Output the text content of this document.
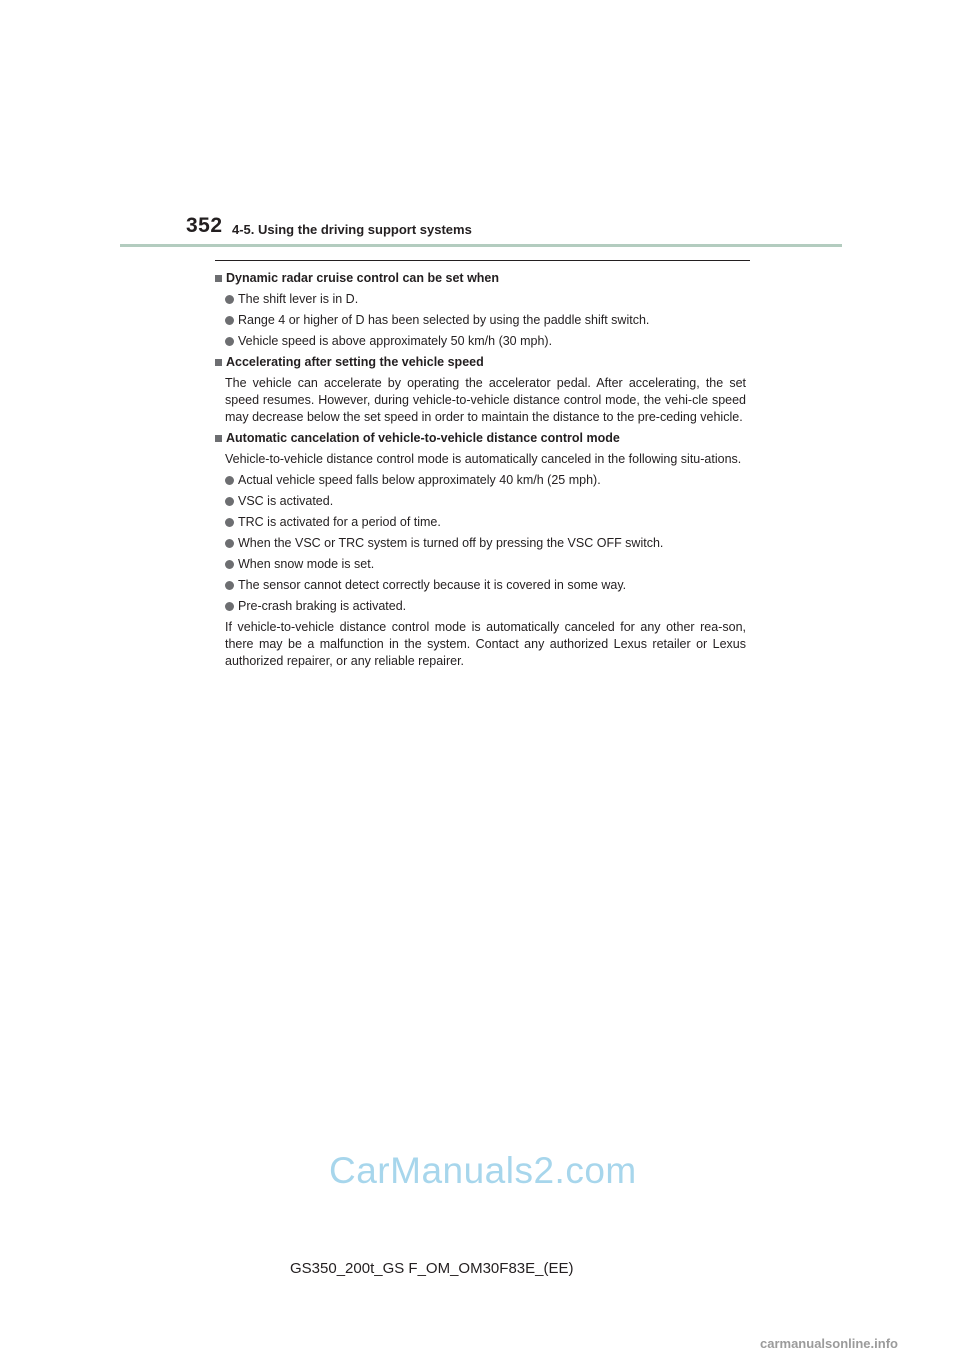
352 4-5. Using the driving support systems
Dynamic radar cruise control can be set when
The shift lever is in D.
Range 4 or higher of D has been selected by using the paddle shift switch.
Vehicle speed is above approximately 50 km/h (30 mph).
Accelerating after setting the vehicle speed
The vehicle can accelerate by operating the accelerator pedal. After accelerating, the set speed resumes. However, during vehicle-to-vehicle distance control mode, the vehi-cle speed may decrease below the set speed in order to maintain the distance to the pre-ceding vehicle.
Automatic cancelation of vehicle-to-vehicle distance control mode
Vehicle-to-vehicle distance control mode is automatically canceled in the following situ-ations.
Actual vehicle speed falls below approximately 40 km/h (25 mph).
VSC is activated.
TRC is activated for a period of time.
When the VSC or TRC system is turned off by pressing the VSC OFF switch.
When snow mode is set.
The sensor cannot detect correctly because it is covered in some way.
Pre-crash braking is activated.
If vehicle-to-vehicle distance control mode is automatically canceled for any other rea-son, there may be a malfunction in the system. Contact any authorized Lexus retailer or Lexus authorized repairer, or any reliable repairer.
CarManuals2.com
GS350_200t_GS F_OM_OM30F83E_(EE)
carmanualsonline.info
